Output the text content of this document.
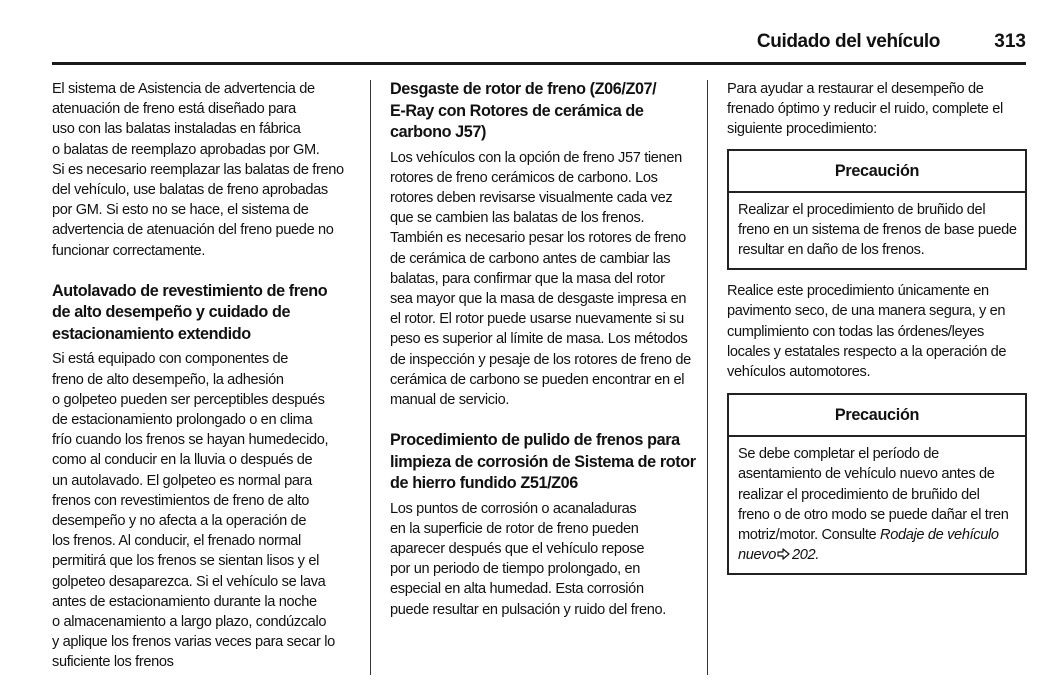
Cuidado del vehículo	313

El sistema de Asistencia de advertencia de
atenuación de freno está diseñado para
uso con las balatas instaladas en fábrica
o balatas de reemplazo aprobadas por GM.
Si es necesario reemplazar las balatas de freno
del vehículo, use balatas de freno aprobadas
por GM. Si esto no se hace, el sistema de
advertencia de atenuación del freno puede no
funcionar correctamente.

Autolavado de revestimiento de freno
de alto desempeño y cuidado de
estacionamiento extendido

Si está equipado con componentes de
freno de alto desempeño, la adhesión
o golpeteo pueden ser perceptibles después
de estacionamiento prolongado o en clima
frío cuando los frenos se hayan humedecido,
como al conducir en la lluvia o después de
un autolavado. El golpeteo es normal para
frenos con revestimientos de freno de alto
desempeño y no afecta a la operación de
los frenos. Al conducir, el frenado normal
permitirá que los frenos se sientan lisos y el
golpeteo desaparezca. Si el vehículo se lava
antes de estacionamiento durante la noche
o almacenamiento a largo plazo, condúzcalo
y aplique los frenos varias veces para secar lo
suficiente los frenos

Desgaste de rotor de freno (Z06/Z07/
E-Ray con Rotores de cerámica de
carbono J57)

Los vehículos con la opción de freno J57 tienen
rotores de freno cerámicos de carbono. Los
rotores deben revisarse visualmente cada vez
que se cambien las balatas de los frenos.
También es necesario pesar los rotores de freno
de cerámica de carbono antes de cambiar las
balatas, para confirmar que la masa del rotor
sea mayor que la masa de desgaste impresa en
el rotor. El rotor puede usarse nuevamente si su
peso es superior al límite de masa. Los métodos
de inspección y pesaje de los rotores de freno de
cerámica de carbono se pueden encontrar en el
manual de servicio.

Procedimiento de pulido de frenos para
limpieza de corrosión de Sistema de rotor
de hierro fundido Z51/Z06

Los puntos de corrosión o acanaladuras
en la superficie de rotor de freno pueden
aparecer después que el vehículo repose
por un periodo de tiempo prolongado, en
especial en alta humedad. Esta corrosión
puede resultar en pulsación y ruido del freno.

Para ayudar a restaurar el desempeño de
frenado óptimo y reducir el ruido, complete el
siguiente procedimiento:

Precaución
Realizar el procedimiento de bruñido del
freno en un sistema de frenos de base puede
resultar en daño de los frenos.

Realice este procedimiento únicamente en
pavimento seco, de una manera segura, y en
cumplimiento con todas las órdenes/leyes
locales y estatales respecto a la operación de
vehículos automotores.

Precaución
Se debe completar el período de
asentamiento de vehículo nuevo antes de
realizar el procedimiento de bruñido del
freno o de otro modo se puede dañar el tren
motriz/motor. Consulte Rodaje de vehículo
nuevo 202.
